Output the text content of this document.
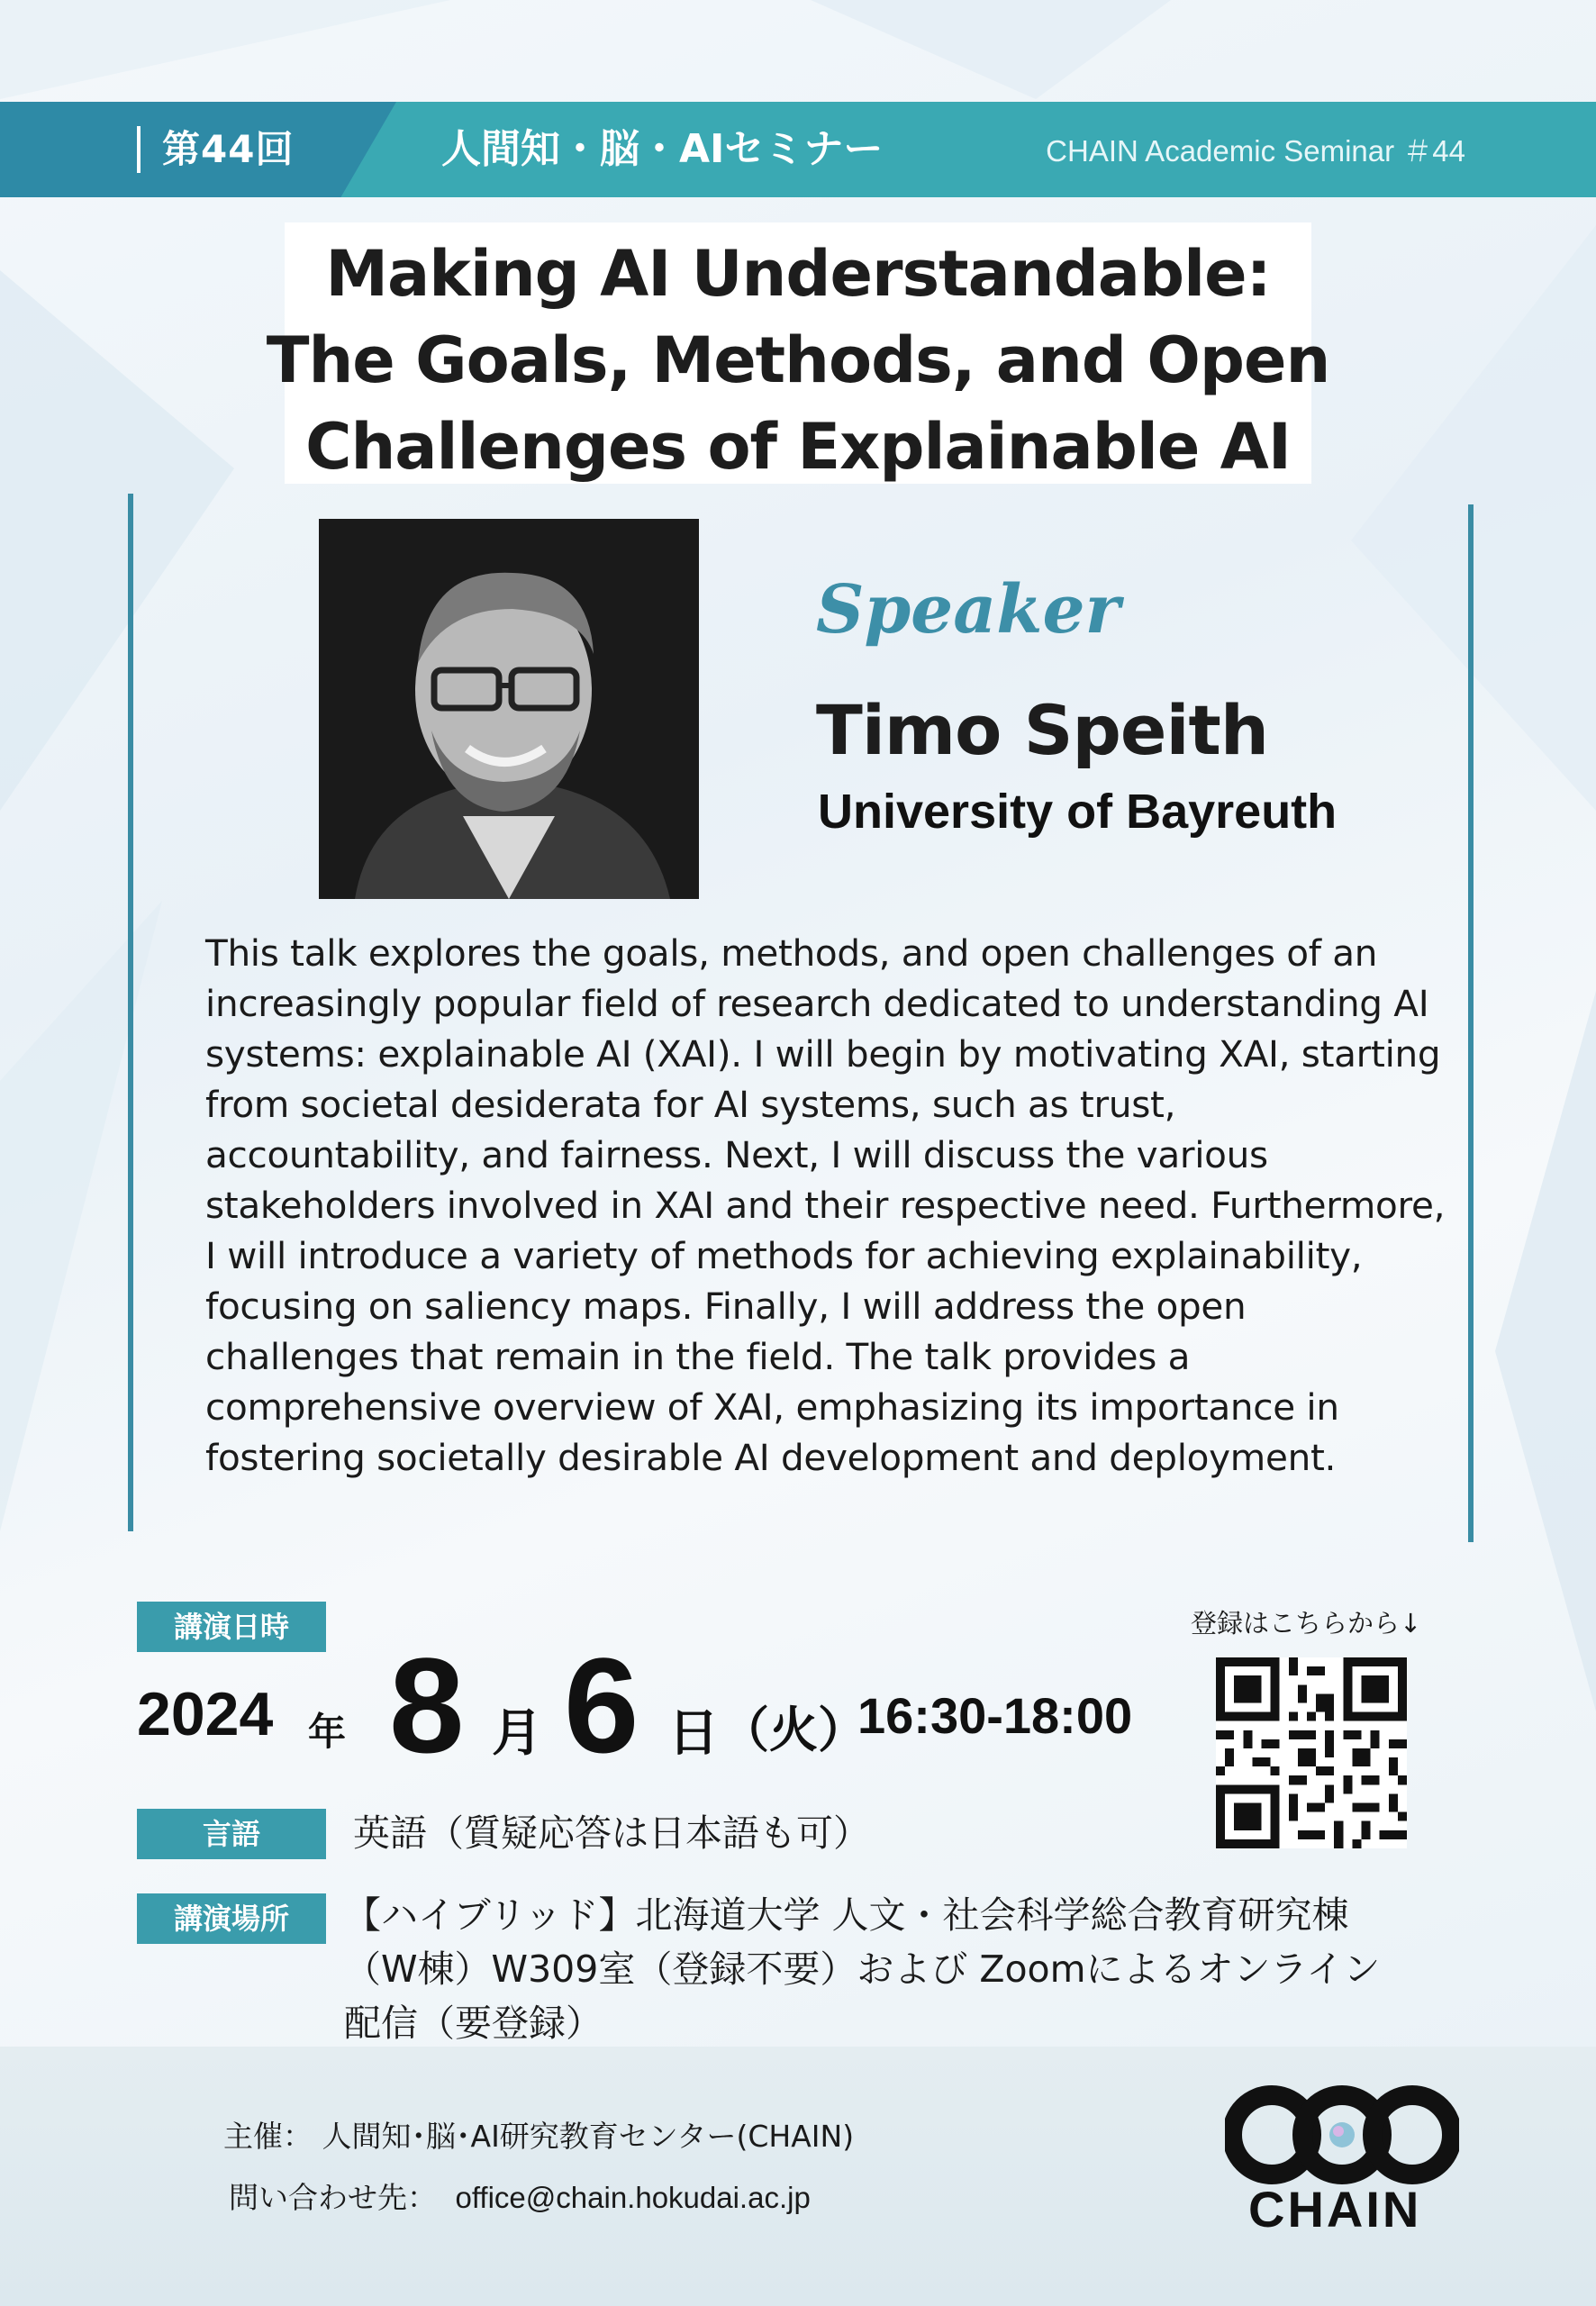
第44回	人間知・脳・AIセミナー	CHAIN Academic Seminar ＃44
Making AI Understandable:
The Goals, Methods, and Open
Challenges of Explainable AI
Speaker
Timo Speith
University of Bayreuth
This talk explores the goals, methods, and open challenges of an increasingly popular field of research dedicated to understanding AI systems: explainable AI (XAI). I will begin by motivating XAI, starting from societal desiderata for AI systems, such as trust, accountability, and fairness. Next, I will discuss the various stakeholders involved in XAI and their respective need. Furthermore, I will introduce a variety of methods for achieving explainability, focusing on saliency maps. Finally, I will address the open challenges that remain in the field. The talk provides a comprehensive overview of XAI, emphasizing its importance in fostering societally desirable AI development and deployment.
講演日時
2024 年 8 月 6 日 （火）
16:30-18:00
言語	英語（質疑応答は日本語も可）
講演場所	【ハイブリッド】北海道大学 人文・社会科学総合教育研究棟
（W棟）W309室（登録不要）および Zoomによるオンライン
配信（要登録）
登録はこちらから↓
主催： 人間知･脳･AI研究教育センター(CHAIN)
問い合わせ先： office@chain.hokudai.ac.jp	CHAIN
